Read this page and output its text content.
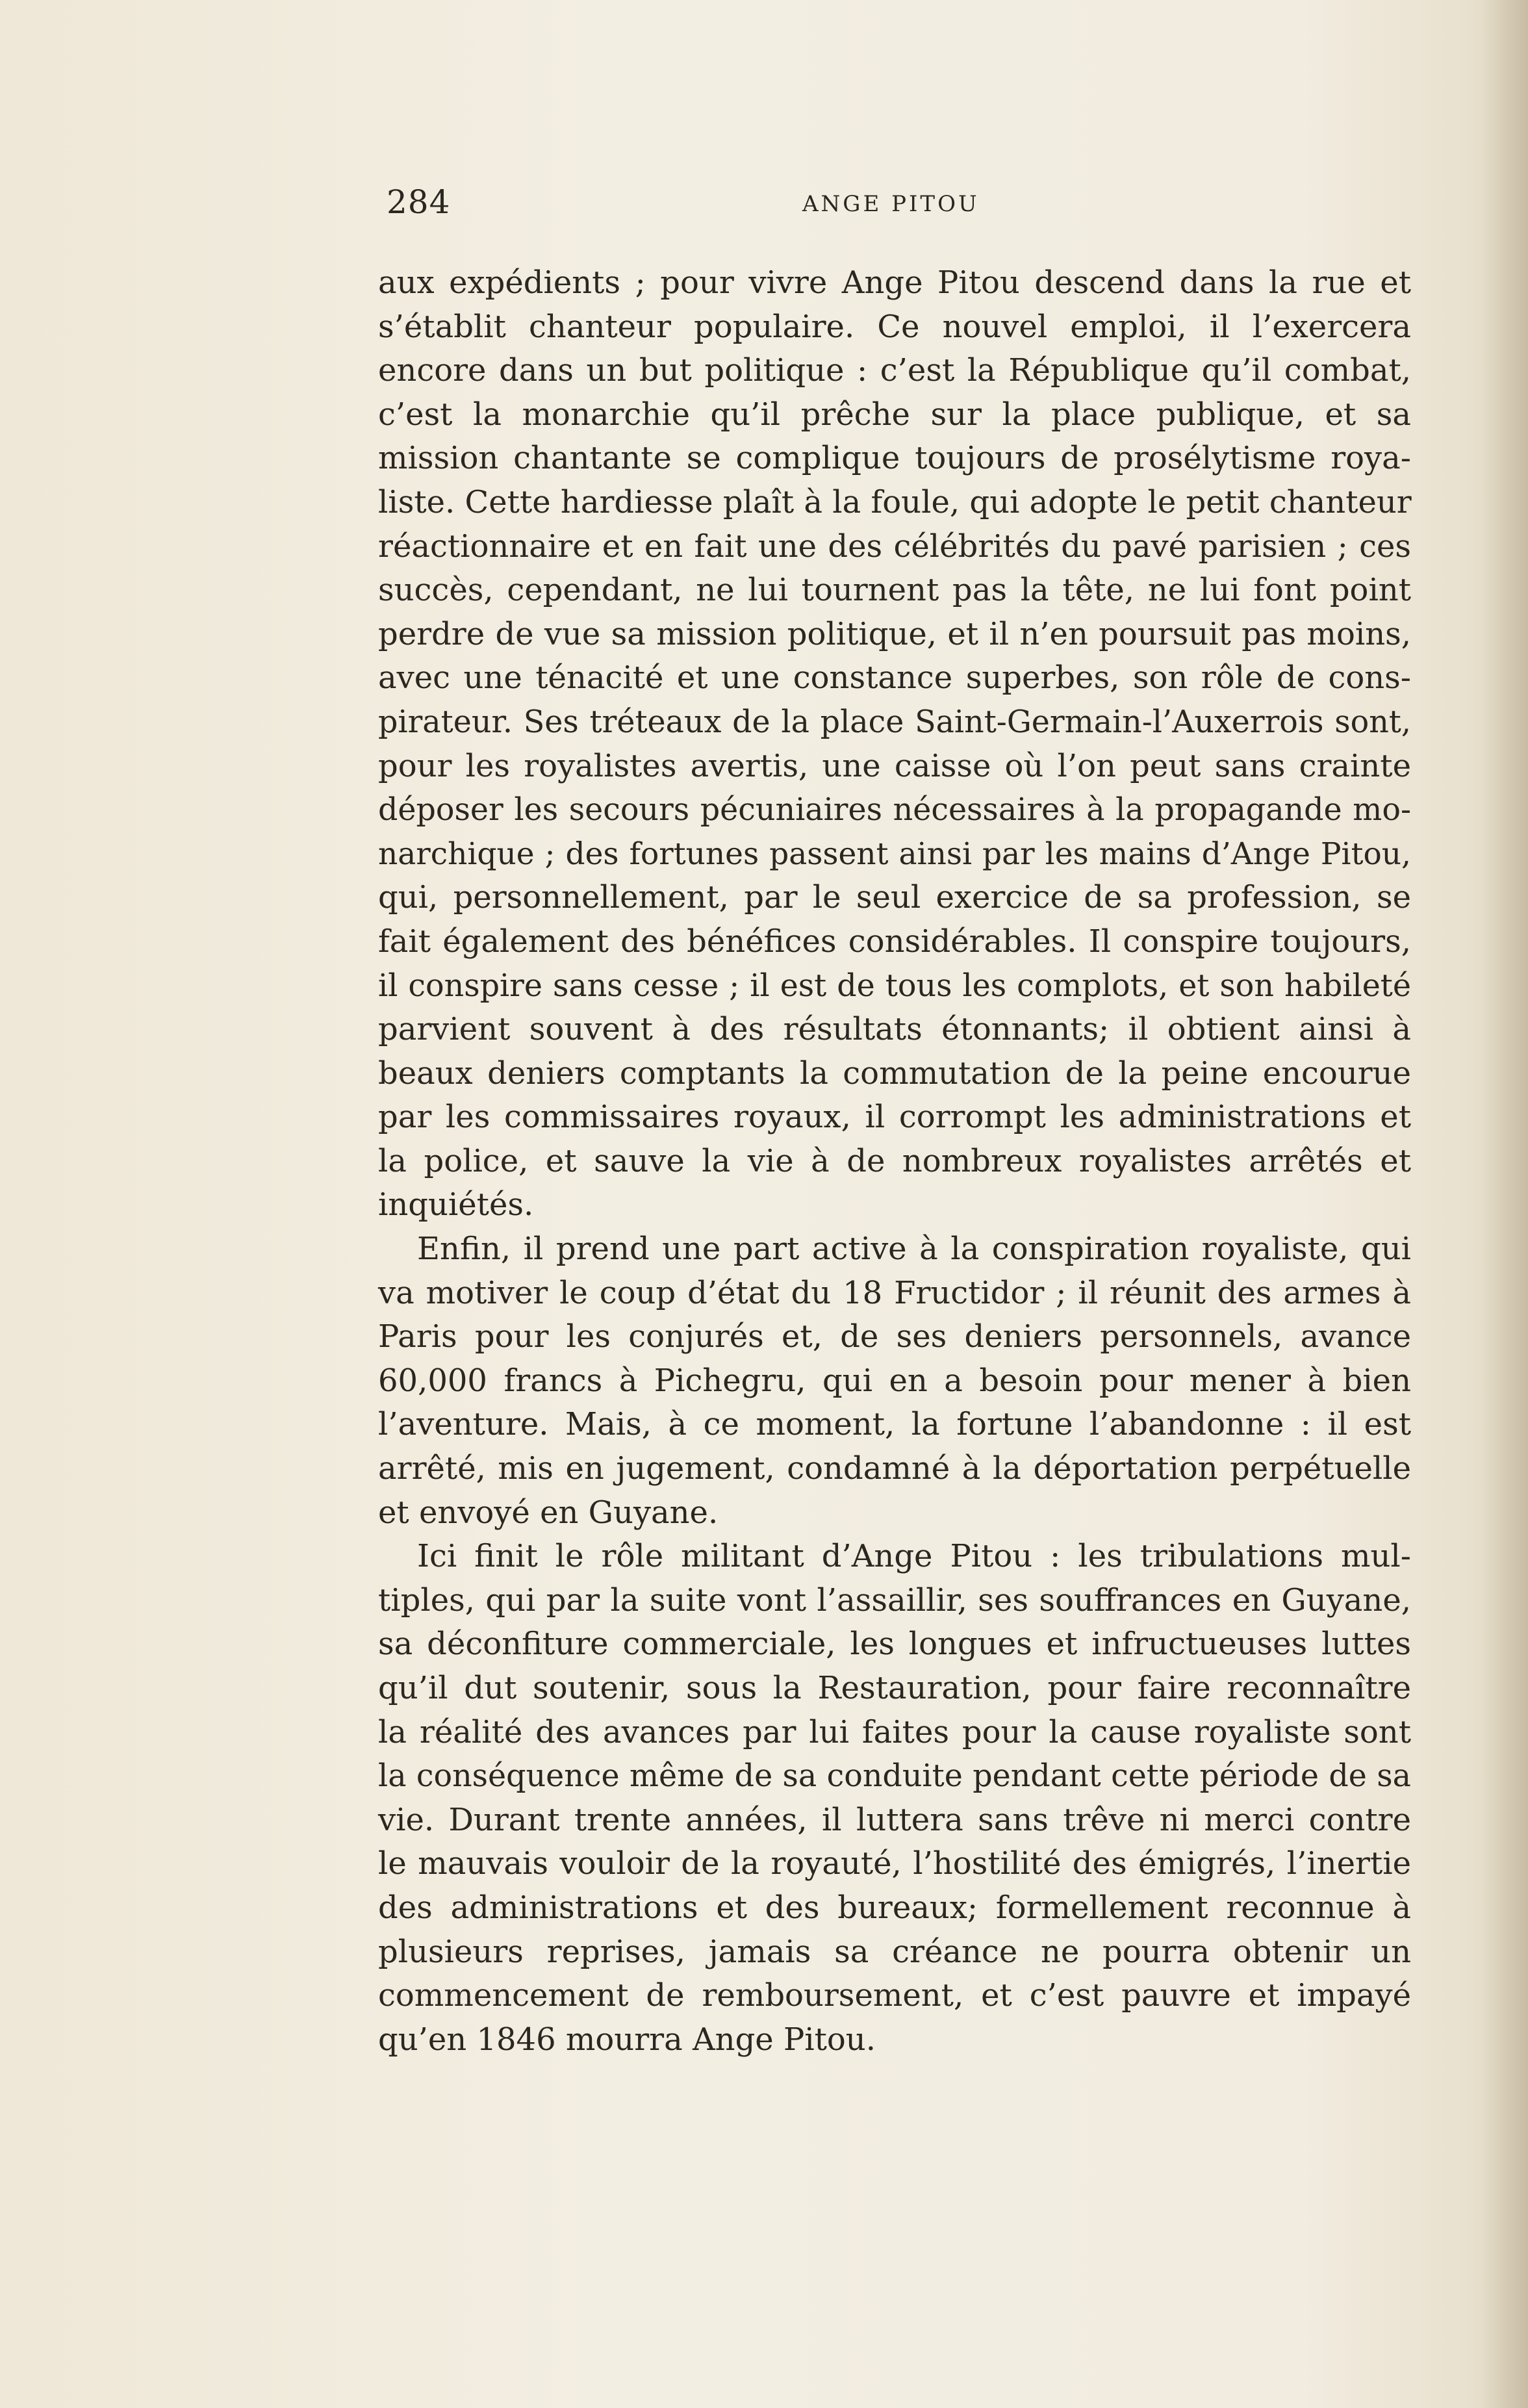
284	ANGE PITOU
aux expédients ; pour vivre Ange Pitou descend dans la rue et
s’établit chanteur populaire. Ce nouvel emploi, il l’exercera
encore dans un but politique : c’est la République qu’il combat,
c’est la monarchie qu’il prêche sur la place publique, et sa
mission chantante se complique toujours de prosélytisme roya-
liste. Cette hardiesse plaît à la foule, qui adopte le petit chanteur
réactionnaire et en fait une des célébrités du pavé parisien ; ces
succès, cependant, ne lui tournent pas la tête, ne lui font point
perdre de vue sa mission politique, et il n’en poursuit pas moins,
avec une ténacité et une constance superbes, son rôle de cons-
pirateur. Ses tréteaux de la place Saint-Germain-l’Auxerrois sont,
pour les royalistes avertis, une caisse où l’on peut sans crainte
déposer les secours pécuniaires nécessaires à la propagande mo-
narchique ; des fortunes passent ainsi par les mains d’Ange Pitou,
qui, personnellement, par le seul exercice de sa profession, se
fait également des bénéfices considérables. Il conspire toujours,
il conspire sans cesse ; il est de tous les complots, et son habileté
parvient souvent à des résultats étonnants; il obtient ainsi à
beaux deniers comptants la commutation de la peine encourue
par les commissaires royaux, il corrompt les administrations et
la police, et sauve la vie à de nombreux royalistes arrêtés et
inquiétés.
Enfin, il prend une part active à la conspiration royaliste, qui
va motiver le coup d’état du 18 Fructidor ; il réunit des armes à
Paris pour les conjurés et, de ses deniers personnels, avance
60,000 francs à Pichegru, qui en a besoin pour mener à bien
l’aventure. Mais, à ce moment, la fortune l’abandonne : il est
arrêté, mis en jugement, condamné à la déportation perpétuelle
et envoyé en Guyane.
Ici finit le rôle militant d’Ange Pitou : les tribulations mul-
tiples, qui par la suite vont l’assaillir, ses souffrances en Guyane,
sa déconfiture commerciale, les longues et infructueuses luttes
qu’il dut soutenir, sous la Restauration, pour faire reconnaître
la réalité des avances par lui faites pour la cause royaliste sont
la conséquence même de sa conduite pendant cette période de sa
vie. Durant trente années, il luttera sans trêve ni merci contre
le mauvais vouloir de la royauté, l’hostilité des émigrés, l’inertie
des administrations et des bureaux; formellement reconnue à
plusieurs reprises, jamais sa créance ne pourra obtenir un
commencement de remboursement, et c’est pauvre et impayé
qu’en 1846 mourra Ange Pitou.
